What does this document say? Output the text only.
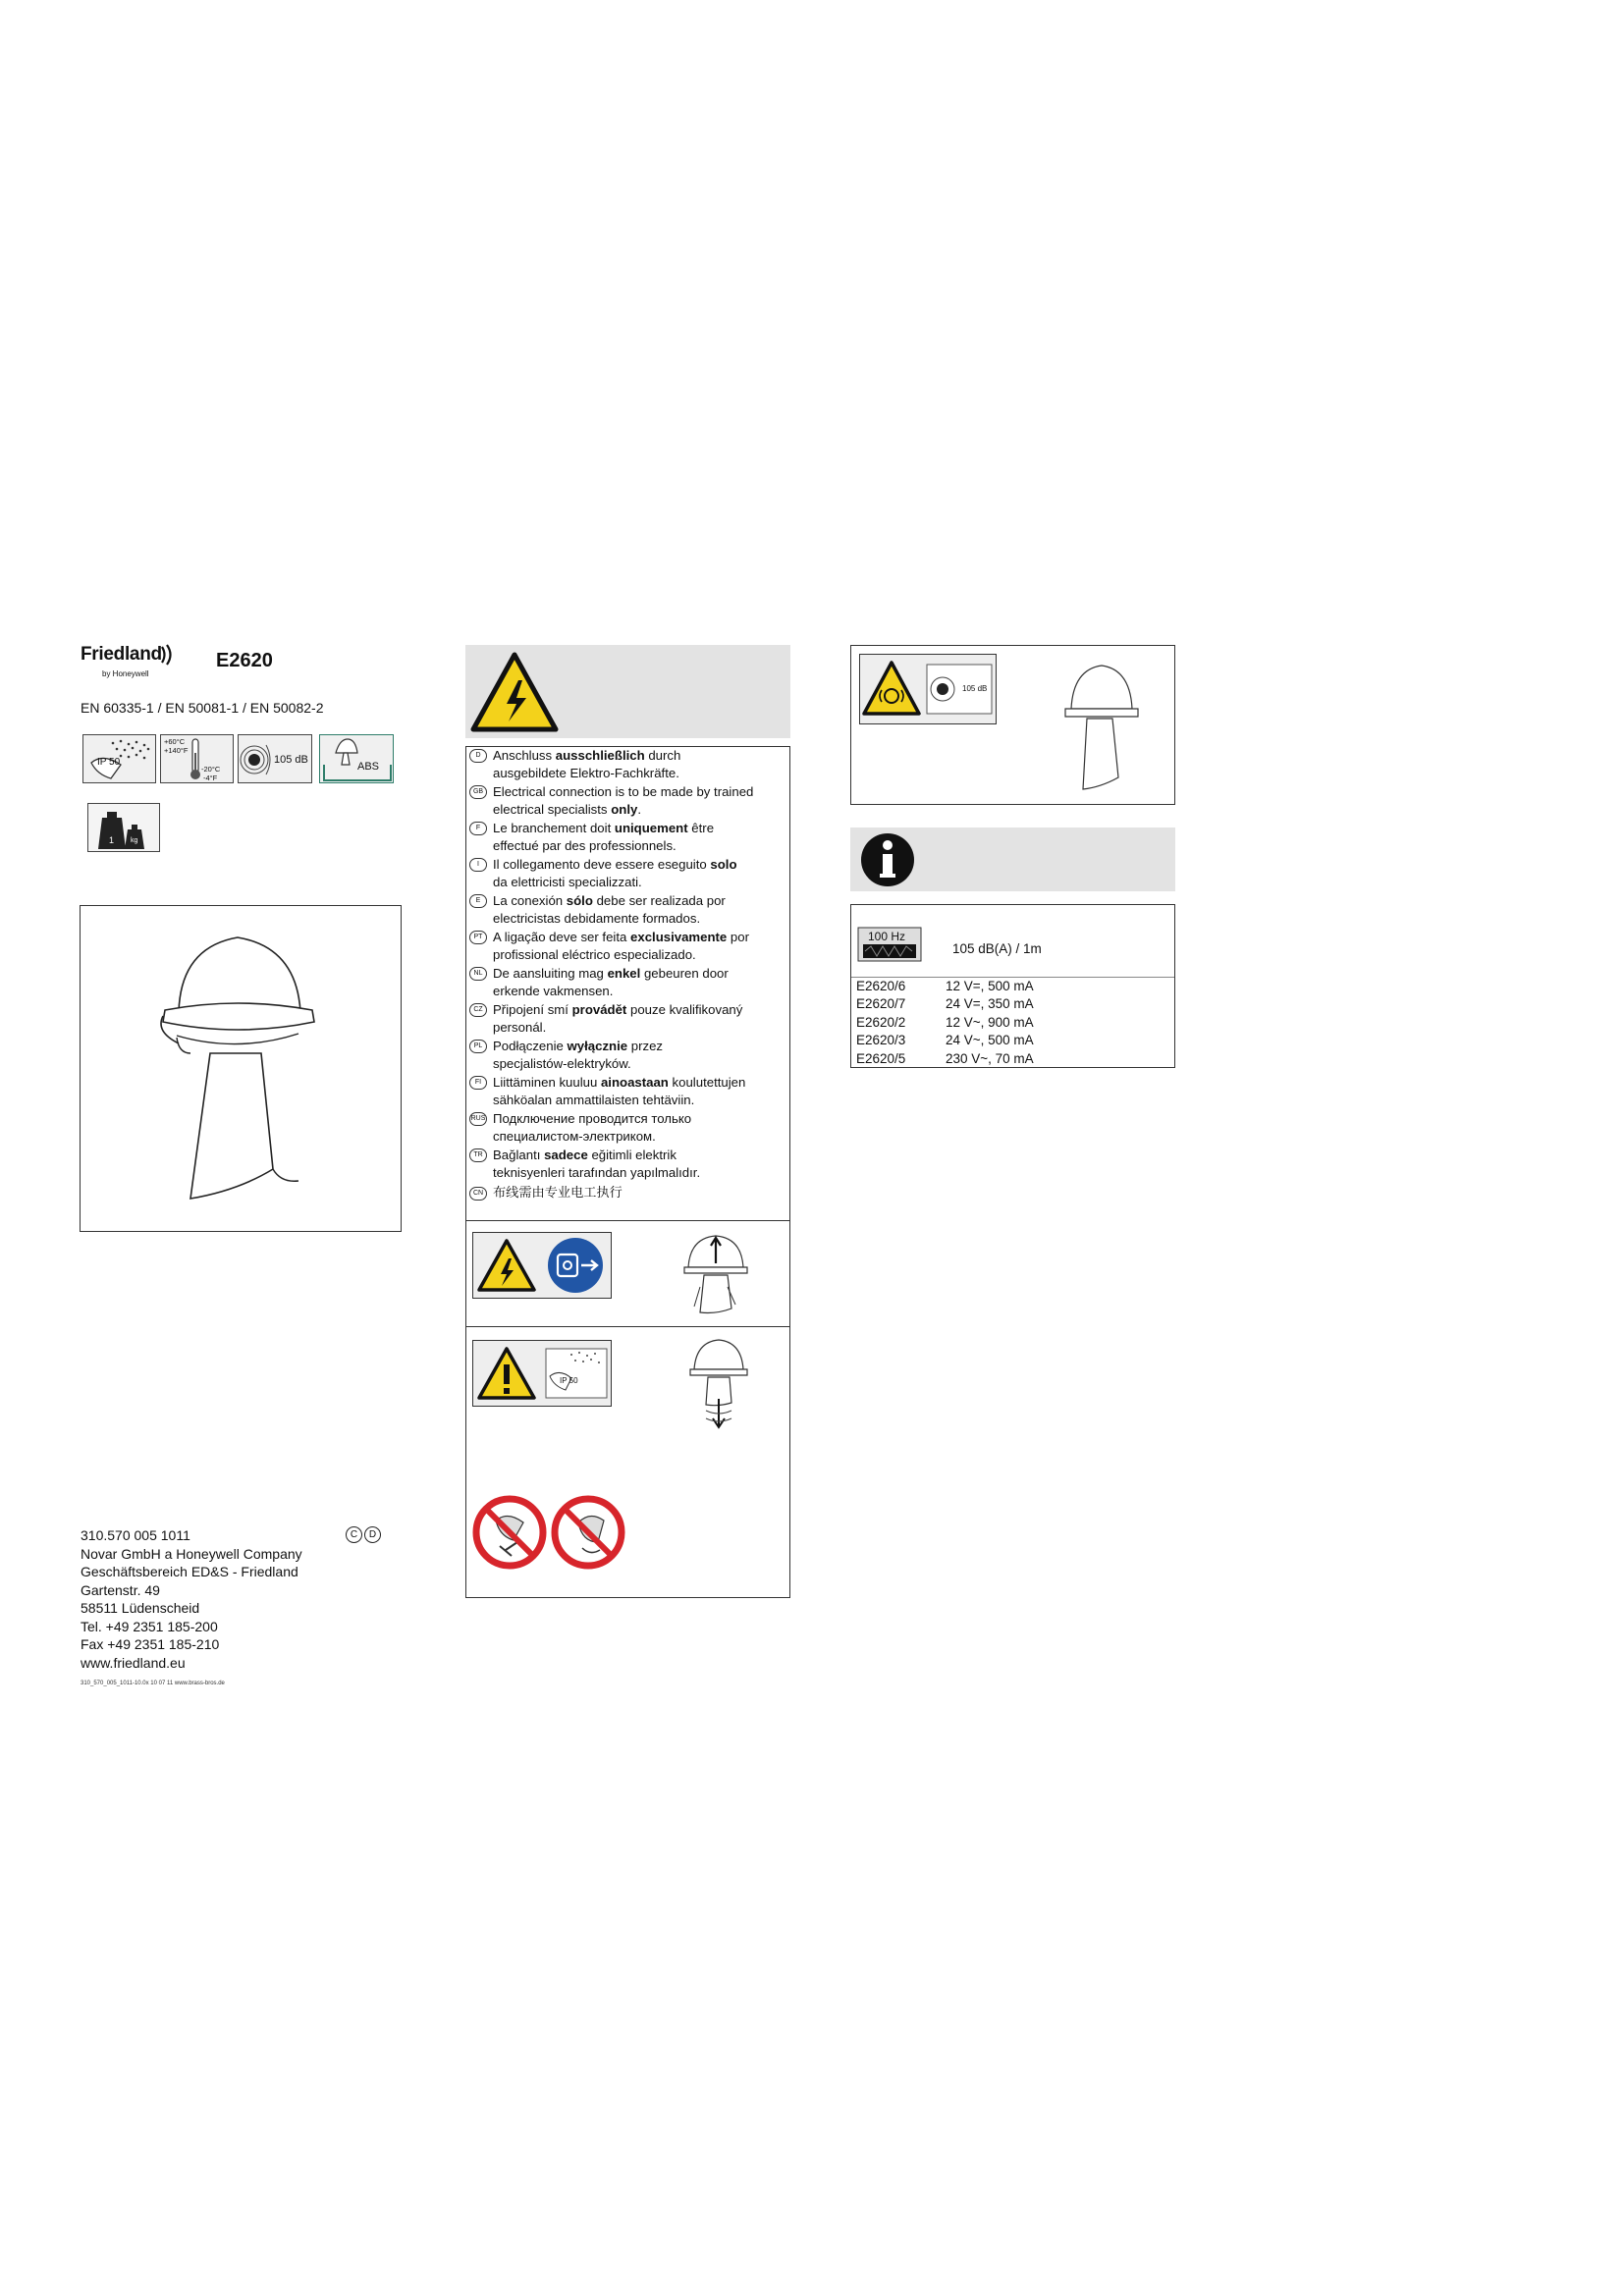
Friedland
by Honeywell
E2620
EN 60335-1 / EN 50081-1 / EN 50082-2
IP 50
+60°C
+140°F
-20°C
-4°F
105 dB
ABS
1 kg
310.570 005 1011
Novar GmbH a Honeywell Company
Geschäftsbereich ED&S - Friedland
Gartenstr. 49
58511 Lüdenscheid
Tel. +49 2351 185-200
Fax +49 2351 185-210
www.friedland.eu
C D
310_570_005_1011-10.0x 10 07 11 www.brass-bros.de
D Anschluss ausschließlich durch
ausgebildete Elektro-Fachkräfte.
GB Electrical connection is to be made by trained
electrical specialists only.
F Le branchement doit uniquement être
effectué par des professionnels.
I	Il collegamento deve essere eseguito solo
da elettricisti specializzati.
E La conexión sólo debe ser realizada por
electricistas debidamente formados.
PT A ligação deve ser feita exclusivamente por
profissional eléctrico especializado.
NL De aansluiting mag enkel gebeuren door
erkende vakmensen.
CZ Připojení smí provádět pouze kvalifikovaný
personál.
PL Podłączenie wyłącznie przez
specjalistów-elektryków.
FI Liittäminen kuuluu ainoastaan koulutettujen
sähköalan ammattilaisten tehtäviin.
RUS Подключение проводится только
специалистом-электриком.
TR Bağlantı sadece eğitimli elektrik
teknisyenleri tarafından yapılmalıdır.
CN 布线需由专业电工执行
IP 50
105 dB
100 Hz
105 dB(A) / 1m
E2620/6	12 V=, 500 mA
E2620/7	24 V=, 350 mA
E2620/2	12 V~, 900 mA
E2620/3	24 V~, 500 mA
E2620/5	230 V~, 70 mA
